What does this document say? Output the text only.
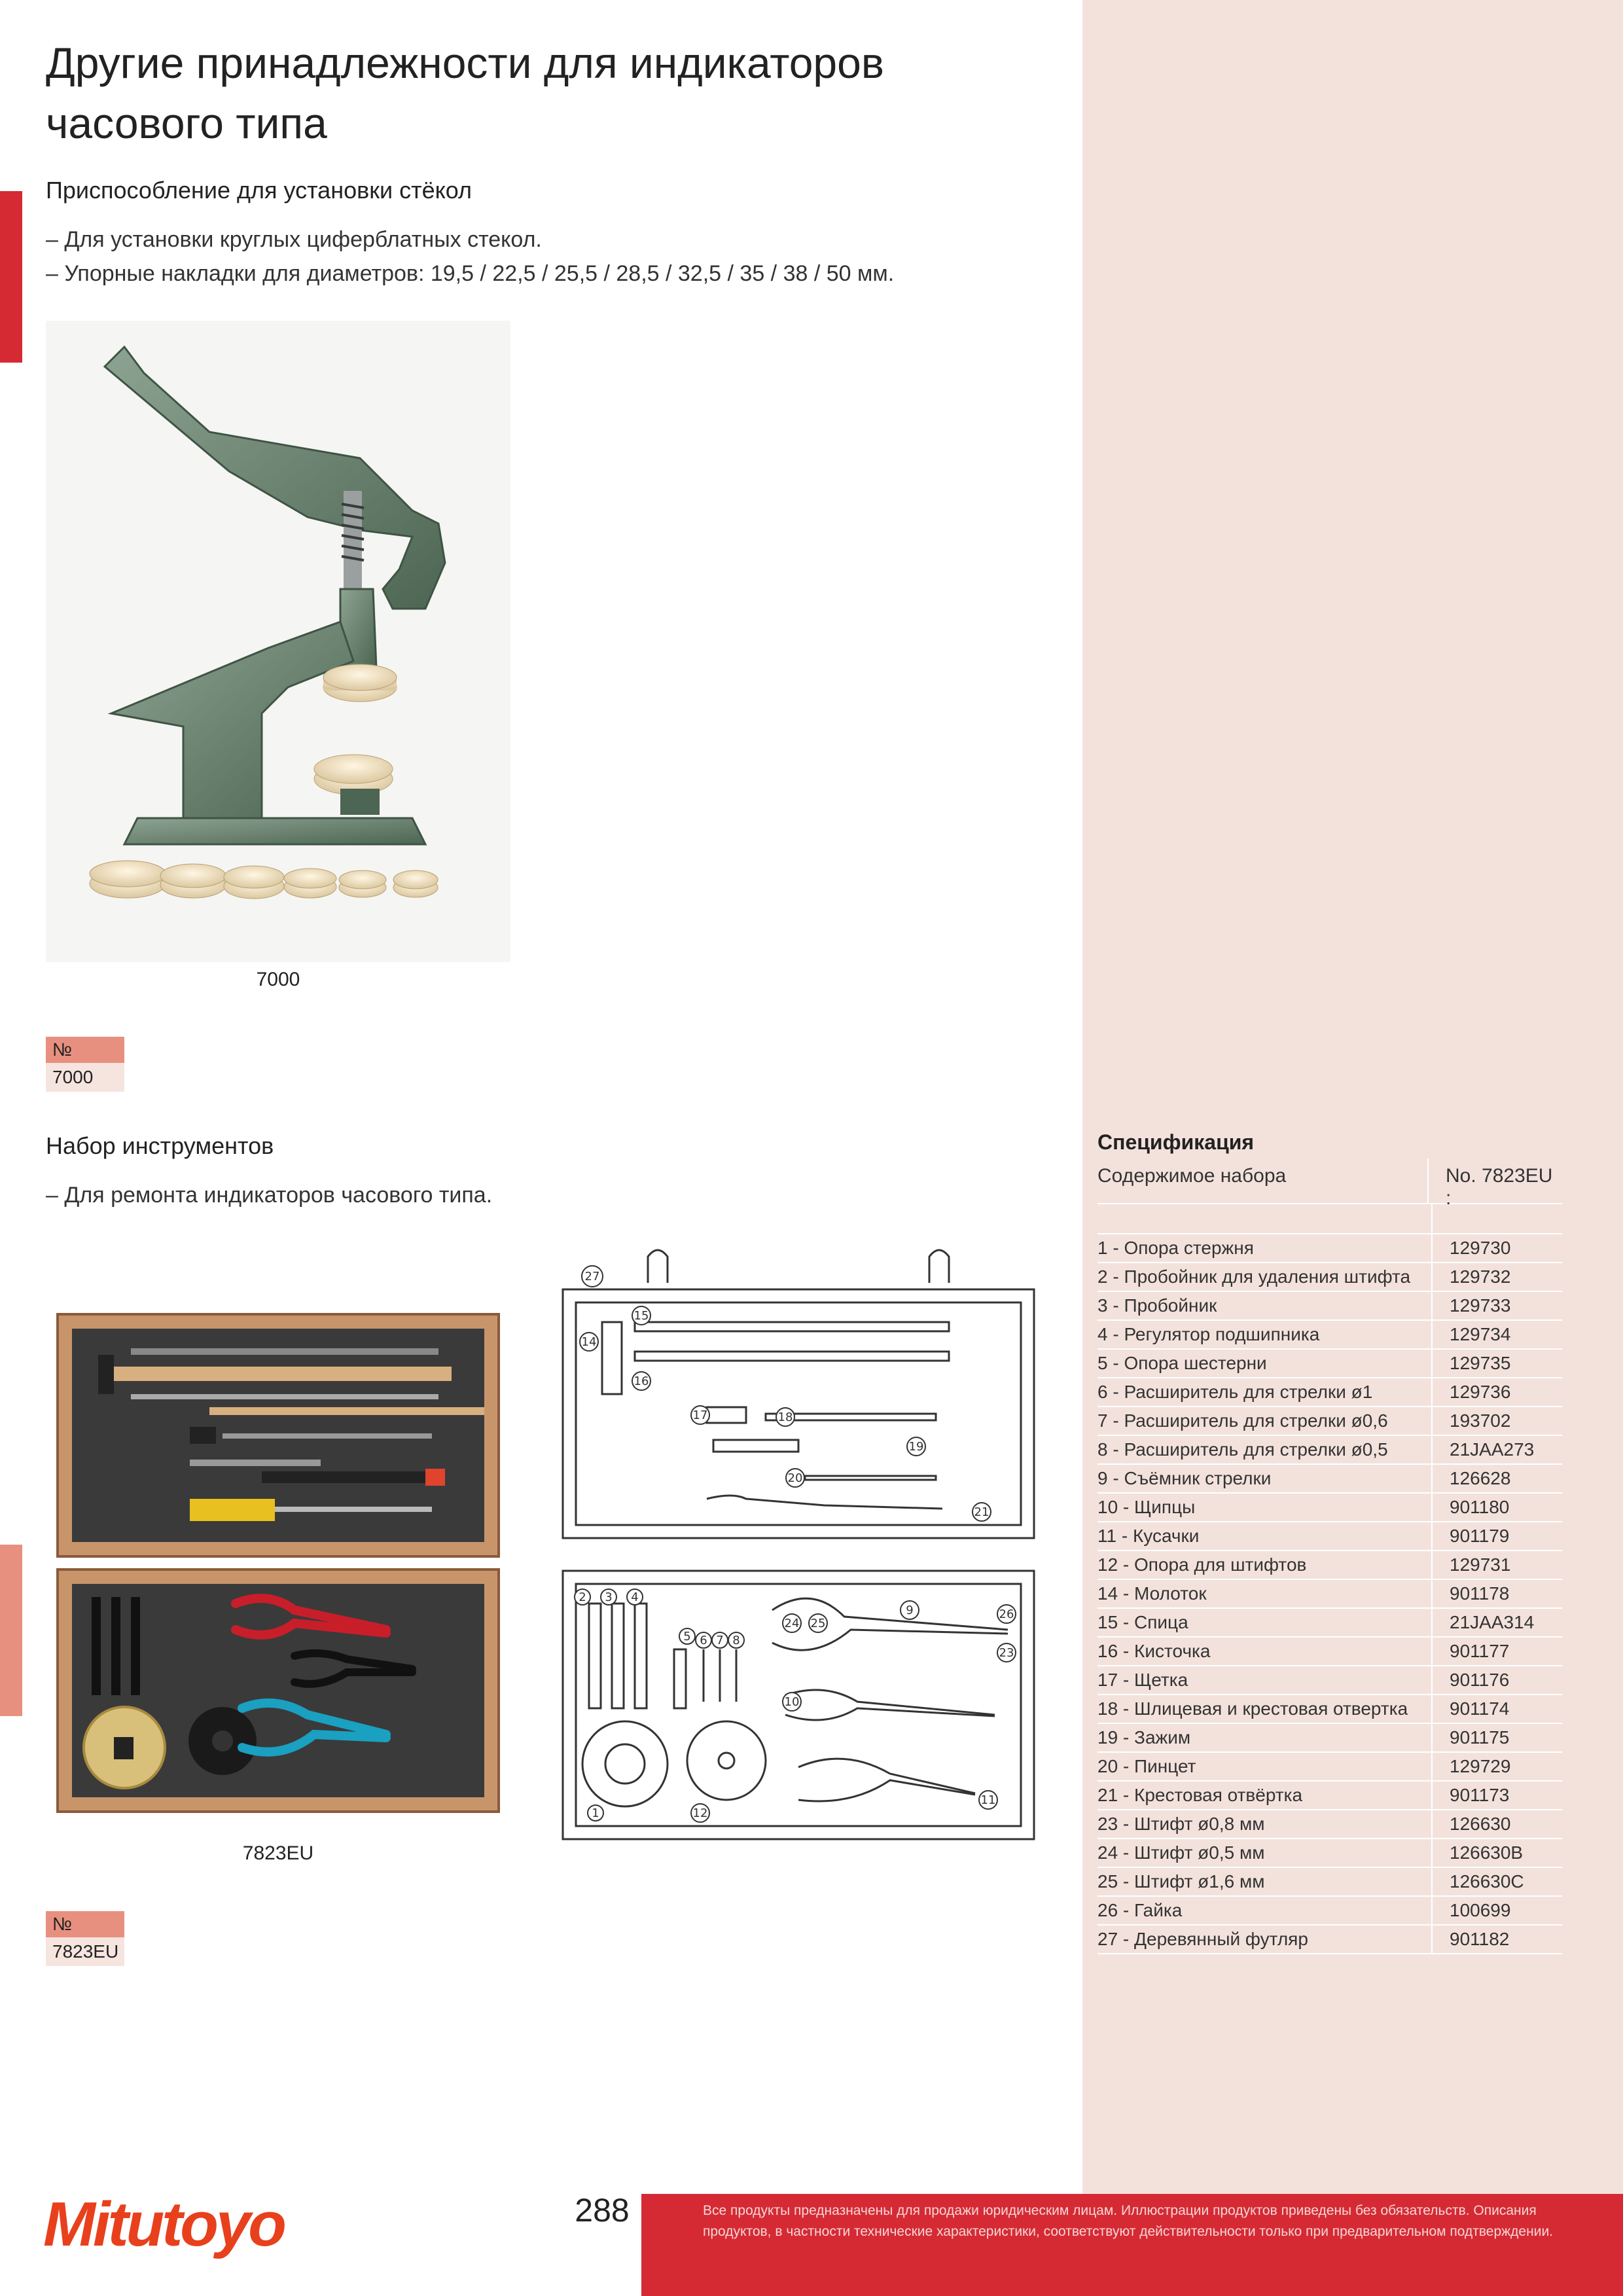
Другие принадлежности для индикаторов
часового типа
Приспособление для установки стёкол
– Для установки круглых циферблатных стекол.
– Упорные накладки для диаметров: 19,5 / 22,5 / 25,5 / 28,5 / 32,5 / 35 / 38 / 50 мм.
7000
№
7000
Набор инструментов
– Для ремонта индикаторов часового типа.
27
15
14
16
17	18
19
20
21
2 3 4
5 6 7 8
24 25
9	26
23
10
1	12
11
7823EU
№
7823EU
Спецификация
Содержимое набора	No. 7823EU :
1 - Опора стержня	129730
2 - Пробойник для удаления штифта	129732
3 - Пробойник	129733
4 - Регулятор подшипника	129734
5 - Опора шестерни	129735
6 - Расширитель для стрелки ø1	129736
7 - Расширитель для стрелки ø0,6	193702
8 - Расширитель для стрелки ø0,5	21JAA273
9 - Съёмник стрелки	126628
10 - Щипцы	901180
11 - Кусачки	901179
12 - Опора для штифтов	129731
14 - Молоток	901178
15 - Спица	21JAA314
16 - Кисточка	901177
17 - Щетка	901176
18 - Шлицевая и крестовая отвертка	901174
19 - Зажим	901175
20 - Пинцет	129729
21 - Крестовая отвёртка	901173
23 - Штифт ø0,8 мм	126630
24 - Штифт ø0,5 мм	126630B
25 - Штифт ø1,6 мм	126630C
26 - Гайка	100699
27 - Деревянный футляр	901182
Mitutoyo	288	Все продукты предназначены для продажи юридическим лицам. Иллюстрации продуктов приведены без обязательств. Описания продуктов, в частности технические характеристики, соответствуют действительности только при предварительном подтверждении.
